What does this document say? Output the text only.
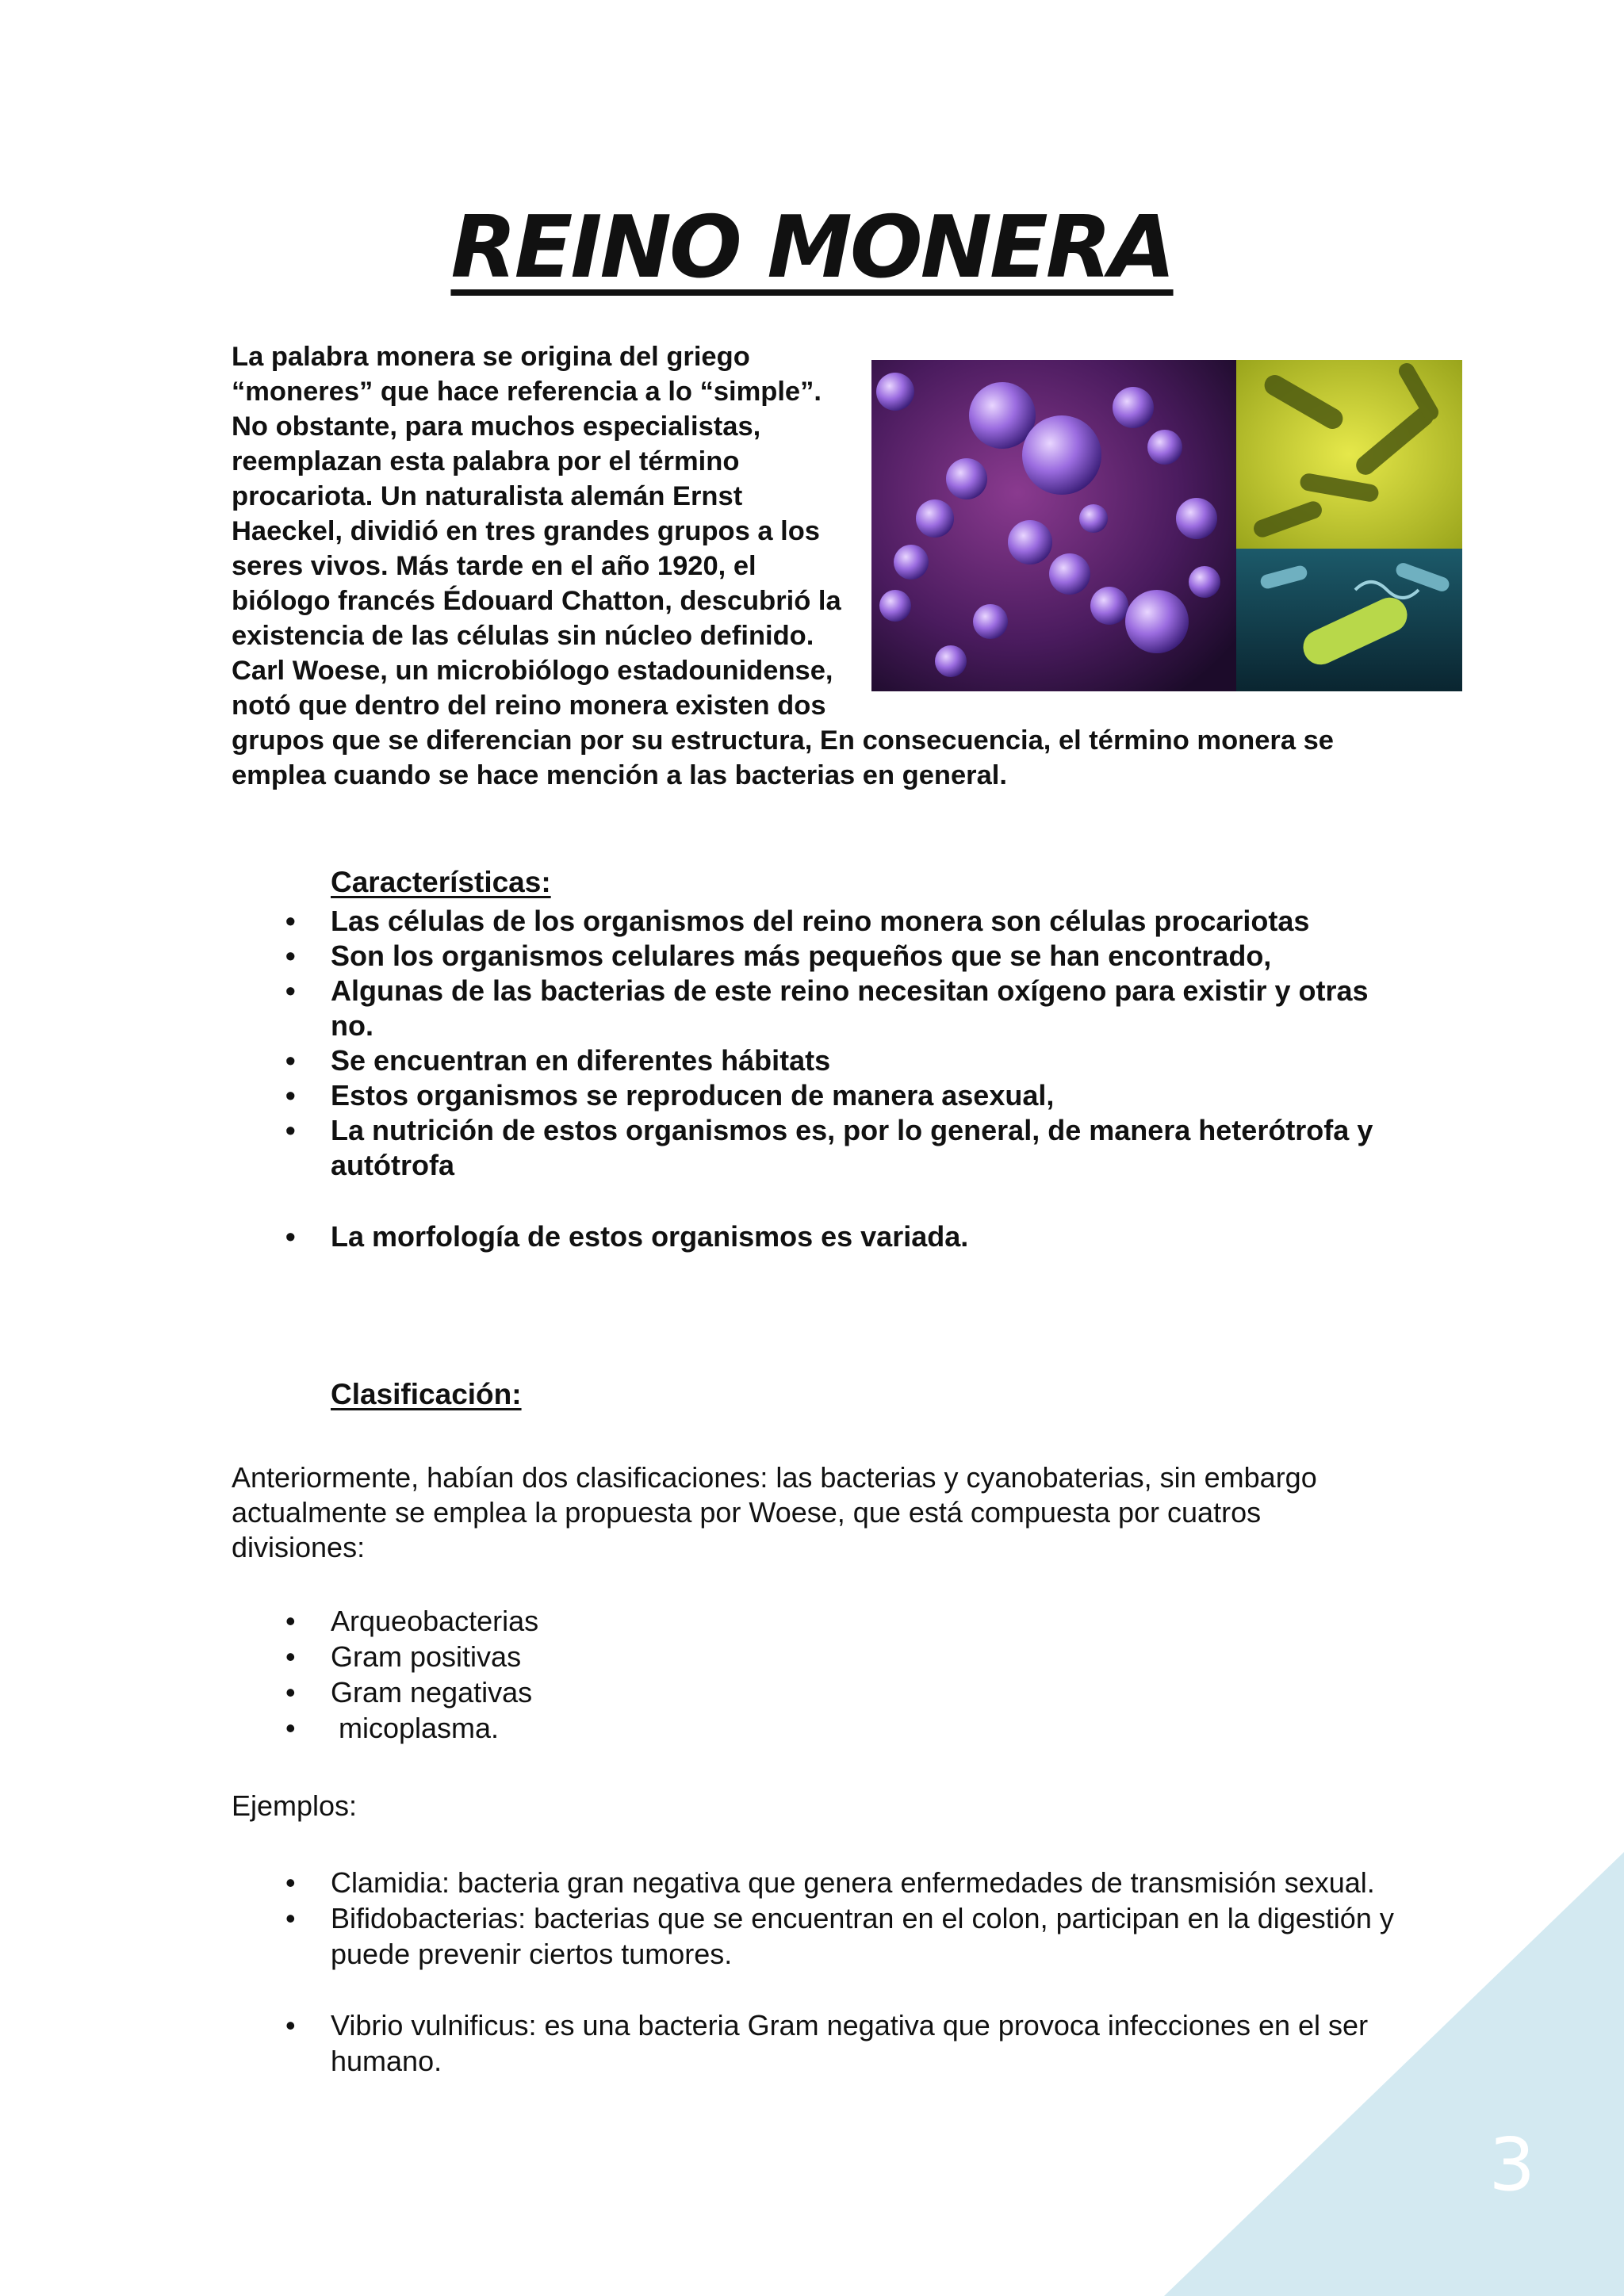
REINO MONERA

La palabra monera se origina del griego “moneres” que hace referencia a lo “simple”. No obstante, para muchos especialistas, reemplazan esta palabra por el término procariota. Un naturalista alemán Ernst Haeckel, dividió en tres grandes grupos a los seres vivos. Más tarde en el año 1920, el biólogo francés Édouard Chatton, descubrió la existencia de las células sin núcleo definido. Carl Woese, un microbiólogo estadounidense, notó que dentro del reino monera existen dos grupos que se diferencian por su estructura, En consecuencia, el término monera se emplea cuando se hace mención a las bacterias en general.

Características:
• Las células de los organismos del reino monera son células procariotas
• Son los organismos celulares más pequeños que se han encontrado,
• Algunas de las bacterias de este reino necesitan oxígeno para existir y otras no.
• Se encuentran en diferentes hábitats
• Estos organismos se reproducen de manera asexual,
• La nutrición de estos organismos es, por lo general, de manera heterótrofa y autótrofa
• La morfología de estos organismos es variada.
Clasificación:

Anteriormente, habían dos clasificaciones: las bacterias y cyanobaterias, sin embargo actualmente se emplea la propuesta por Woese, que está compuesta por cuatros divisiones:

• Arqueobacterias
• Gram positivas
• Gram negativas
•  micoplasma.

Ejemplos:

• Clamidia: bacteria gran negativa que genera enfermedades de transmisión sexual.
• Bifidobacterias: bacterias que se encuentran en el colon, participan en la digestión y puede prevenir ciertos tumores.
• Vibrio vulnificus: es una bacteria Gram negativa que provoca infecciones en el ser humano.
3
